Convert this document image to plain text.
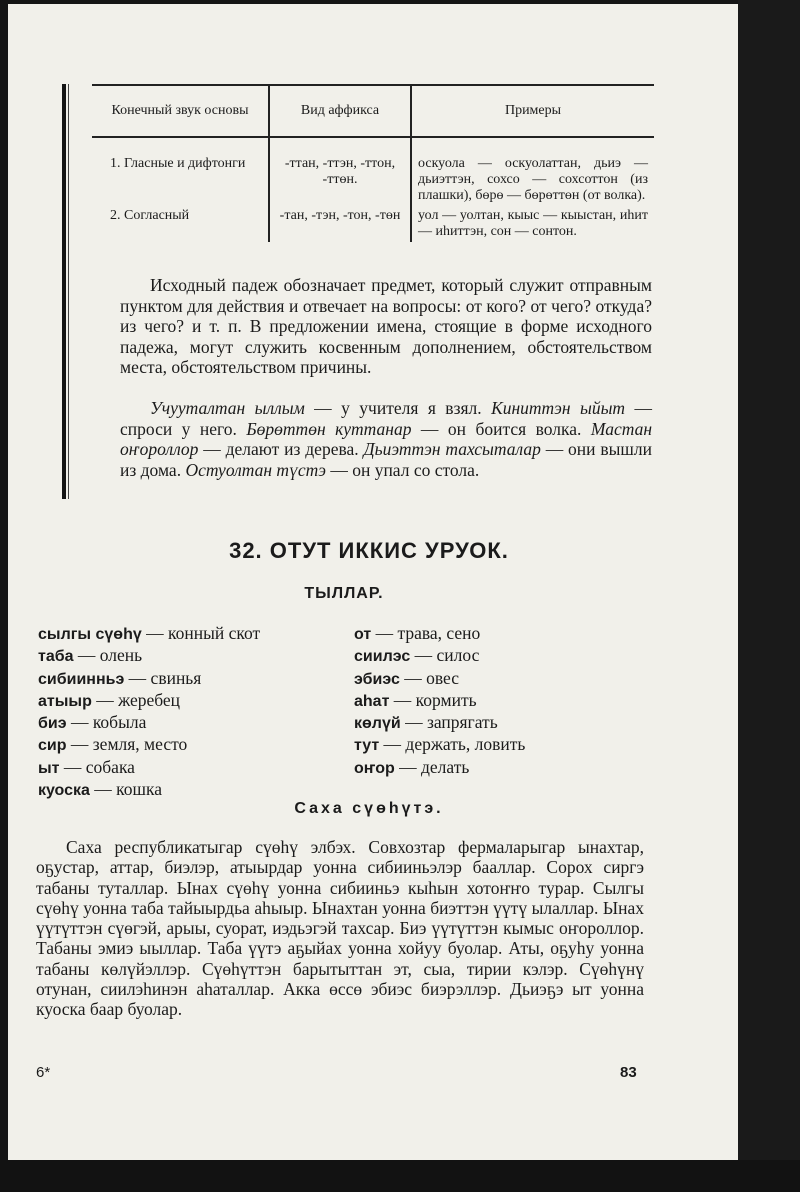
Конечный звук основы	Вид аффикса	Примеры
1. Гласные и дифтонги	-ттан, -ттэн, -ттон, -ттөн.	оскуола — оскуолаттан, дьиэ — дьиэттэн, сохсо — сохсоттон (из плашки), бөрө — бөрөттөн (от волка).
2. Согласный	-тан, -тэн, -тон, -төн	уол — уолтан, кыыс — кыыстан, иһит — иһиттэн, сон — сонтон.

Исходный падеж обозначает предмет, который служит отправным пунктом для действия и отвечает на вопросы: от кого? от чего? откуда? из чего? и т. п. В предложении имена, стоящие в форме исходного падежа, могут служить косвенным дополнением, обстоятельством места, обстоятельством причины.

Учууталтан ыллым — у учителя я взял. Киниттэн ыйыт — спроси у него. Бөрөттөн куттанар — он боится волка. Мастан оҥороллор — делают из дерева. Дьиэттэн тахсыталар — они вышли из дома. Остуолтан түстэ — он упал со стола.

32. ОТУТ ИККИС УРУОК.
ТЫЛЛАР.
сылгы сүөһү — конный скот
таба — олень
сибиинньэ — свинья
атыыр — жеребец
биэ — кобыла
сир — земля, место
ыт — собака
куоска — кошка
от — трава, сено
сиилэс — силос
эбиэс — овес
аһат — кормить
көлүй — запрягать
тут — держать, ловить
оҥор — делать
Саха сүөһүтэ.

Саха республикатыгар сүөһү элбэх. Совхозтар фермаларыгар ынахтар, оҕустар, аттар, биэлэр, атыырдар уонна сибииньэлэр бааллар. Сорох сиргэ табаны туталлар. Ынах сүөһү уонна сибииньэ кыһын хотоҥҥо турар. Сылгы сүөһү уонна таба тайыырдьа аһыыр. Ынахтан уонна биэттэн үүтү ылаллар. Ынах үүтүттэн сүөгэй, арыы, суорат, иэдьэгэй тахсар. Биэ үүтүттэн кымыс оҥороллор. Табаны эмиэ ыыллар. Таба үүтэ аҕыйах уонна хойуу буолар. Аты, оҕуһу уонна табаны көлүйэллэр. Сүөһүттэн барытыттан эт, сыа, тирии кэлэр. Сүөһүнү отунан, сиилэһинэн аһаталлар. Акка өссө эбиэс биэрэллэр. Дьиэҕэ ыт уонна куоска баар буолар.

6*	83
